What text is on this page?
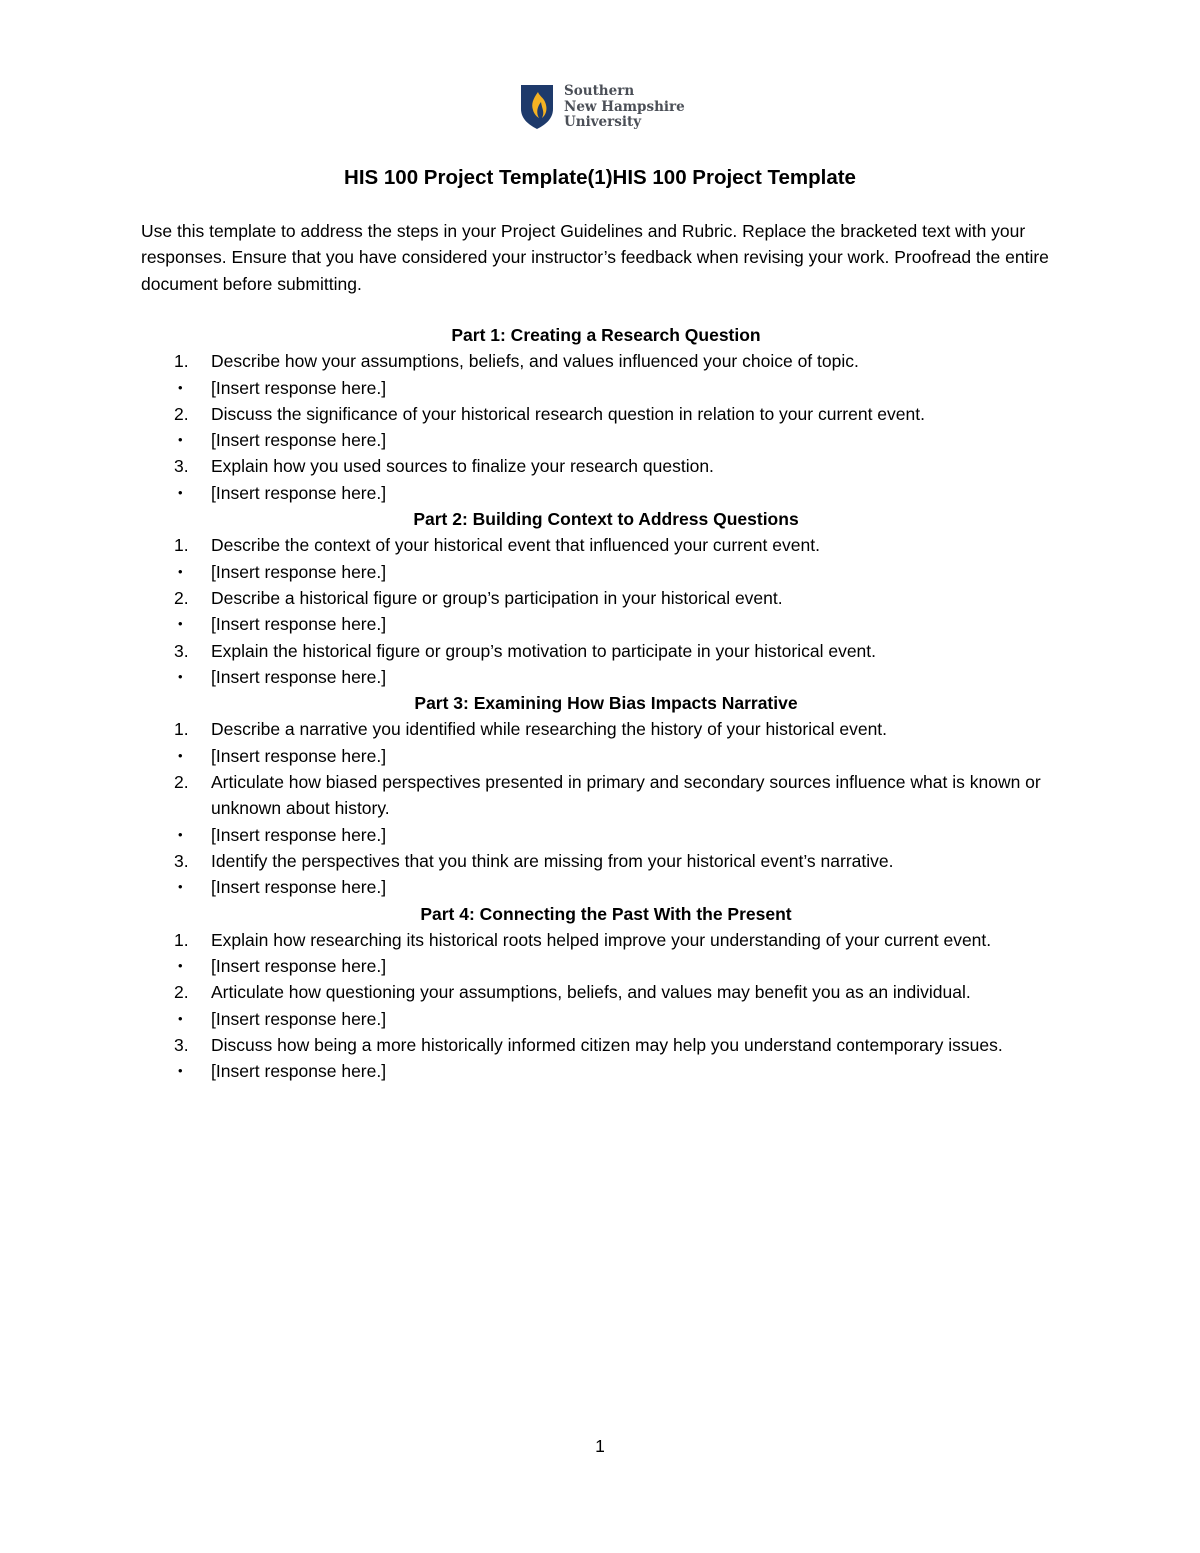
Southern
New Hampshire
University
HIS 100 Project Template(1)HIS 100 Project Template
Use this template to address the steps in your Project Guidelines and Rubric. Replace the bracketed text with your responses. Ensure that you have considered your instructor’s feedback when revising your work. Proofread the entire document before submitting.
Part 1: Creating a Research Question
1. Describe how your assumptions, beliefs, and values influenced your choice of topic.
• [Insert response here.]
2. Discuss the significance of your historical research question in relation to your current event.
• [Insert response here.]
3. Explain how you used sources to finalize your research question.
• [Insert response here.]
Part 2: Building Context to Address Questions
1. Describe the context of your historical event that influenced your current event.
• [Insert response here.]
2. Describe a historical figure or group’s participation in your historical event.
• [Insert response here.]
3. Explain the historical figure or group’s motivation to participate in your historical event.
• [Insert response here.]
Part 3: Examining How Bias Impacts Narrative
1. Describe a narrative you identified while researching the history of your historical event.
• [Insert response here.]
2. Articulate how biased perspectives presented in primary and secondary sources influence what is known or unknown about history.
• [Insert response here.]
3. Identify the perspectives that you think are missing from your historical event’s narrative.
• [Insert response here.]
Part 4: Connecting the Past With the Present
1. Explain how researching its historical roots helped improve your understanding of your current event.
• [Insert response here.]
2. Articulate how questioning your assumptions, beliefs, and values may benefit you as an individual.
• [Insert response here.]
3. Discuss how being a more historically informed citizen may help you understand contemporary issues.
• [Insert response here.]
1
